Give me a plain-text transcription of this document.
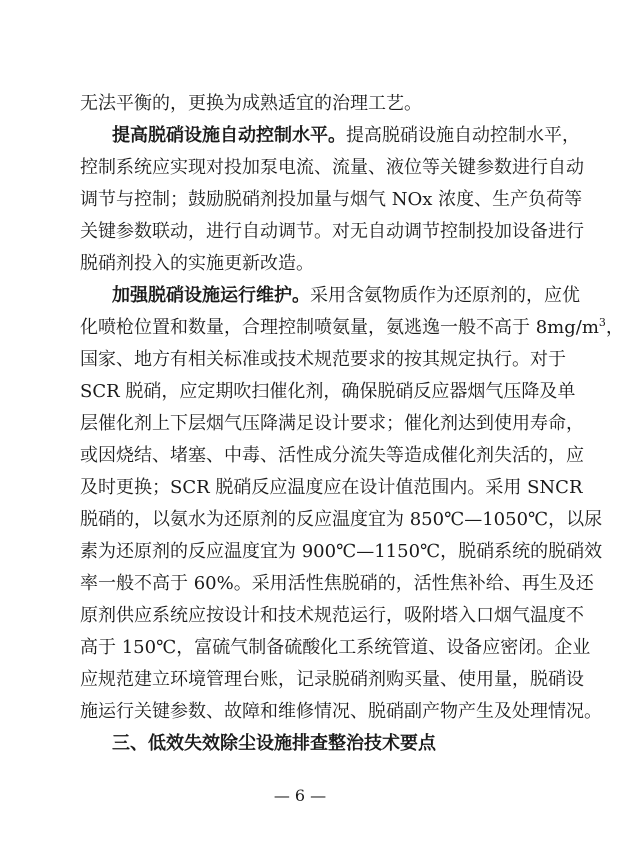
无法平衡的，更换为成熟适宜的治理工艺。
提高脱硝设施自动控制水平。提高脱硝设施自动控制水平，
控制系统应实现对投加泵电流、流量、液位等关键参数进行自动
调节与控制；鼓励脱硝剂投加量与烟气 NOx 浓度、生产负荷等
关键参数联动，进行自动调节。对无自动调节控制投加设备进行
脱硝剂投入的实施更新改造。
加强脱硝设施运行维护。采用含氨物质作为还原剂的，应优
化喷枪位置和数量，合理控制喷氨量，氨逃逸一般不高于 $8mg/m^3$，
国家、地方有相关标准或技术规范要求的按其规定执行。对于
SCR 脱硝，应定期吹扫催化剂，确保脱硝反应器烟气压降及单
层催化剂上下层烟气压降满足设计要求；催化剂达到使用寿命，
或因烧结、堵塞、中毒、活性成分流失等造成催化剂失活的，应
及时更换；SCR 脱硝反应温度应在设计值范围内。采用 SNCR
脱硝的，以氨水为还原剂的反应温度宜为 850℃—1050℃，以尿
素为还原剂的反应温度宜为 900℃—1150℃，脱硝系统的脱硝效
率一般不高于 60%。采用活性焦脱硝的，活性焦补给、再生及还
原剂供应系统应按设计和技术规范运行，吸附塔入口烟气温度不
高于 150℃，富硫气制备硫酸化工系统管道、设备应密闭。企业
应规范建立环境管理台账，记录脱硝剂购买量、使用量，脱硝设
施运行关键参数、故障和维修情况、脱硝副产物产生及处理情况。
三、低效失效除尘设施排查整治技术要点
— 6 —
